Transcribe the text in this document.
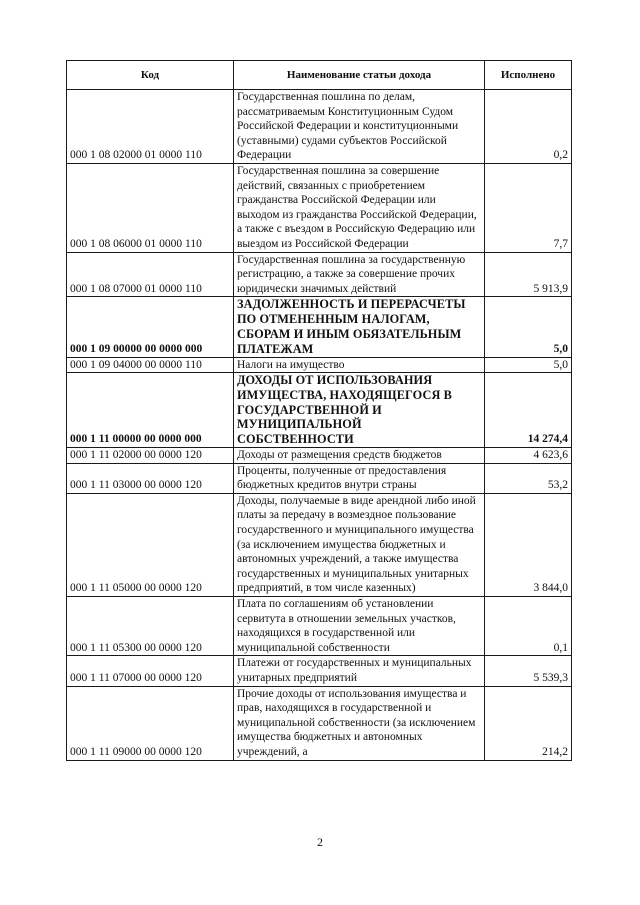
Код	Наименование статьи дохода	Исполнено
000 1 08 02000 01 0000 110	Государственная пошлина по делам, рассматриваемым Конституционным Судом Российской Федерации и конституционными (уставными) судами субъектов Российской Федерации	0,2
000 1 08 06000 01 0000 110	Государственная пошлина за совершение действий, связанных с приобретением гражданства Российской Федерации или выходом из гражданства Российской Федерации, а также с въездом в Российскую Федерацию или выездом из Российской Федерации	7,7
000 1 08 07000 01 0000 110	Государственная пошлина за государственную регистрацию, а также за совершение прочих юридически значимых действий	5 913,9
000 1 09 00000 00 0000 000	ЗАДОЛЖЕННОСТЬ И ПЕРЕРАСЧЕТЫ ПО ОТМЕНЕННЫМ НАЛОГАМ, СБОРАМ И ИНЫМ ОБЯЗАТЕЛЬНЫМ ПЛАТЕЖАМ	5,0
000 1 09 04000 00 0000 110	Налоги на имущество	5,0
000 1 11 00000 00 0000 000	ДОХОДЫ ОТ ИСПОЛЬЗОВАНИЯ ИМУЩЕСТВА, НАХОДЯЩЕГОСЯ В ГОСУДАРСТВЕННОЙ И МУНИЦИПАЛЬНОЙ СОБСТВЕННОСТИ	14 274,4
000 1 11 02000 00 0000 120	Доходы от размещения средств бюджетов	4 623,6
000 1 11 03000 00 0000 120	Проценты, полученные от предоставления бюджетных кредитов внутри страны	53,2
000 1 11 05000 00 0000 120	Доходы, получаемые в виде арендной либо иной платы за передачу в возмездное пользование государственного и муниципального имущества (за исключением имущества бюджетных и автономных учреждений, а также имущества государственных и муниципальных унитарных предприятий, в том числе казенных)	3 844,0
000 1 11 05300 00 0000 120	Плата по соглашениям об установлении сервитута в отношении земельных участков, находящихся в государственной или муниципальной собственности	0,1
000 1 11 07000 00 0000 120	Платежи от государственных и муниципальных унитарных предприятий	5 539,3
000 1 11 09000 00 0000 120	Прочие доходы от использования имущества и прав, находящихся в государственной и муниципальной собственности (за исключением имущества бюджетных и автономных учреждений, а	214,2
2
